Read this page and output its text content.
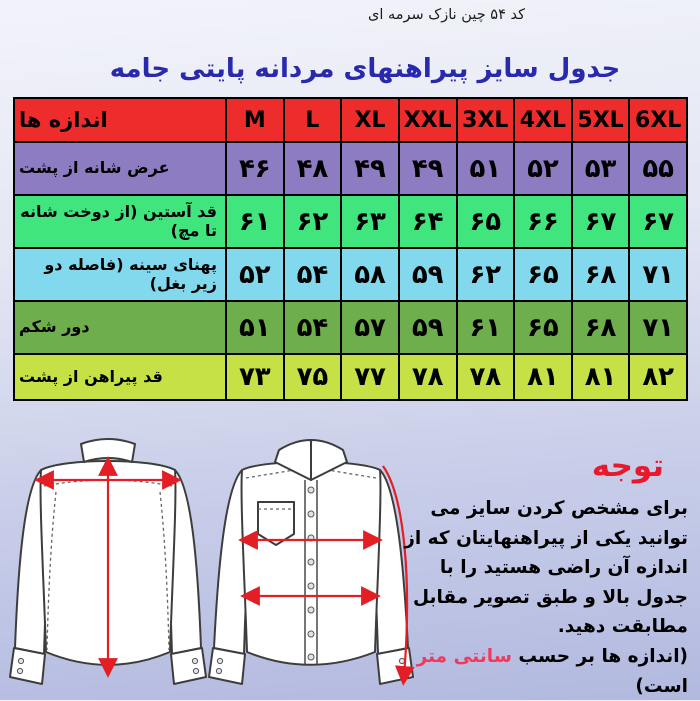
کد ۵۴ چین نازک سرمه ای
جدول سایز پیراهنهای مردانه پایتی جامه
اندازه ها	M	L	XL XXL 3XL 4XL 5XL 6XL
عرض شانه از پشت	۴۶ ۴۸ ۴۹ ۴۹ ۵۱ ۵۲ ۵۳ ۵۵
قد آستین (از دوخت شانه تا مچ) ۶۱ ۶۲ ۶۳ ۶۴ ۶۵ ۶۶ ۶۷ ۶۷
پهنای سینه (فاصله دو زیر بغل) ۵۲ ۵۴ ۵۸ ۵۹ ۶۲ ۶۵ ۶۸ ۷۱
دور شکم	۵۱ ۵۴ ۵۷ ۵۹ ۶۱ ۶۵ ۶۸ ۷۱
قد پیراهن از پشت	۷۳ ۷۵ ۷۷ ۷۸ ۷۸ ۸۱ ۸۱ ۸۲
توجه

برای مشخص کردن سایز می توانید یکی از پیراهنهایتان که از اندازه آن راضی هستید را با جدول بالا و طبق تصویر مقابل مطابقت دهید.

(اندازه ها بر حسب سانتی متر است)
